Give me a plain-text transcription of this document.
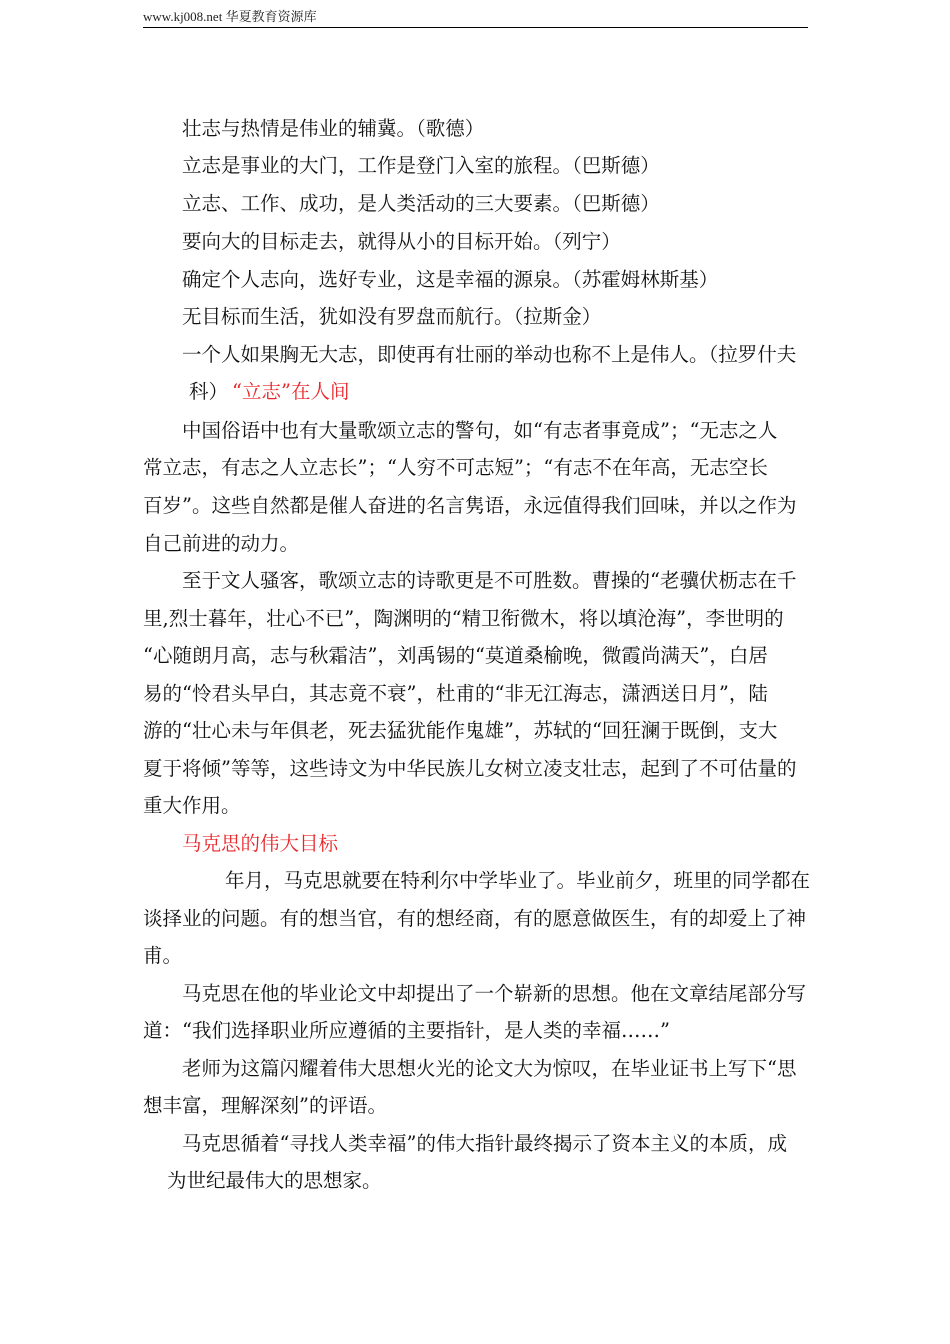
www.kj008.net 华夏教育资源库
壮志与热情是伟业的辅冀。（歌德）
立志是事业的大门，工作是登门入室的旅程。（巴斯德）
立志、工作、成功，是人类活动的三大要素。（巴斯德）
要向大的目标走去，就得从小的目标开始。（列宁）
确定个人志向，选好专业，这是幸福的源泉。（苏霍姆林斯基）
无目标而生活，犹如没有罗盘而航行。（拉斯金）
一个人如果胸无大志，即使再有壮丽的举动也称不上是伟人。（拉罗什夫
科） “立志”在人间
中国俗语中也有大量歌颂立志的警句，如“有志者事竟成”；“无志之人
常立志，有志之人立志长”；“人穷不可志短”；“有志不在年高，无志空长
百岁”。这些自然都是催人奋进的名言隽语，永远值得我们回味，并以之作为
自己前进的动力。
至于文人骚客，歌颂立志的诗歌更是不可胜数。曹操的“老骥伏枥志在千
里,烈士暮年，壮心不已”，陶渊明的“精卫衔微木，将以填沧海”，李世明的
“心随朗月高，志与秋霜洁”，刘禹锡的“莫道桑榆晚，微霞尚满天”，白居
易的“怜君头早白，其志竟不衰”，杜甫的“非无江海志，潇洒送日月”，陆
游的“壮心未与年俱老，死去猛犹能作鬼雄”，苏轼的“回狂澜于既倒，支大
夏于将倾”等等，这些诗文为中华民族儿女树立凌支壮志，起到了不可估量的
重大作用。
马克思的伟大目标
年月，马克思就要在特利尔中学毕业了。毕业前夕，班里的同学都在
谈择业的问题。有的想当官，有的想经商，有的愿意做医生，有的却爱上了神
甫。
马克思在他的毕业论文中却提出了一个崭新的思想。他在文章结尾部分写
道：“我们选择职业所应遵循的主要指针，是人类的幸福……”
老师为这篇闪耀着伟大思想火光的论文大为惊叹，在毕业证书上写下“思
想丰富，理解深刻”的评语。
马克思循着“寻找人类幸福”的伟大指针最终揭示了资本主义的本质，成
为世纪最伟大的思想家。
